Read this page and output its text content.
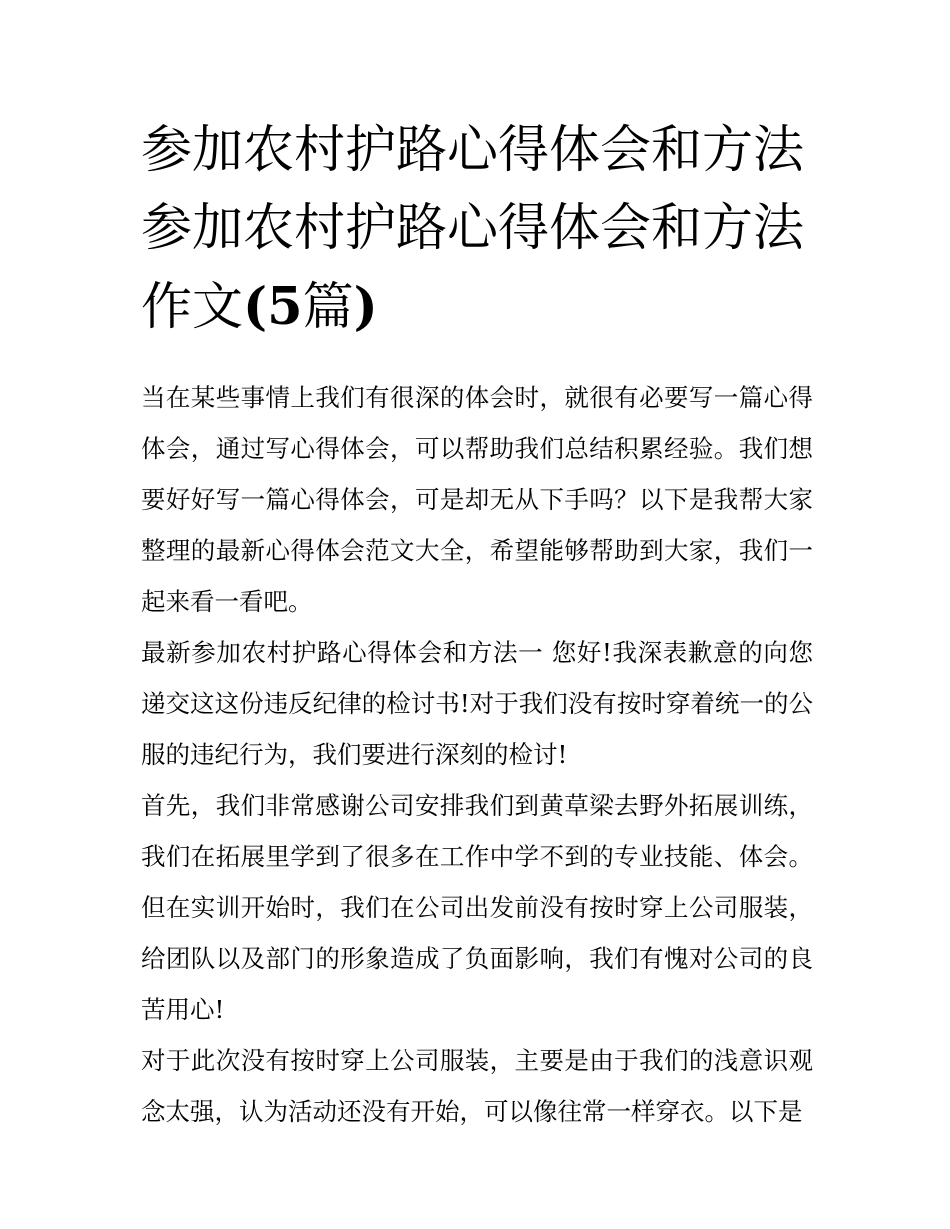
参加农村护路心得体会和方法参加农村护路心得体会和方法作文(5篇)

当在某些事情上我们有很深的体会时，就很有必要写一篇心得体会，通过写心得体会，可以帮助我们总结积累经验。我们想要好好写一篇心得体会，可是却无从下手吗？以下是我帮大家整理的最新心得体会范文大全，希望能够帮助到大家，我们一起来看一看吧。

最新参加农村护路心得体会和方法一 您好!我深表歉意的向您递交这这份违反纪律的检讨书!对于我们没有按时穿着统一的公服的违纪行为，我们要进行深刻的检讨!

首先，我们非常感谢公司安排我们到黄草梁去野外拓展训练，我们在拓展里学到了很多在工作中学不到的专业技能、体会。但在实训开始时，我们在公司出发前没有按时穿上公司服装，给团队以及部门的形象造成了负面影响，我们有愧对公司的良苦用心!

对于此次没有按时穿上公司服装，主要是由于我们的浅意识观念太强，认为活动还没有开始，可以像往常一样穿衣。以下是
